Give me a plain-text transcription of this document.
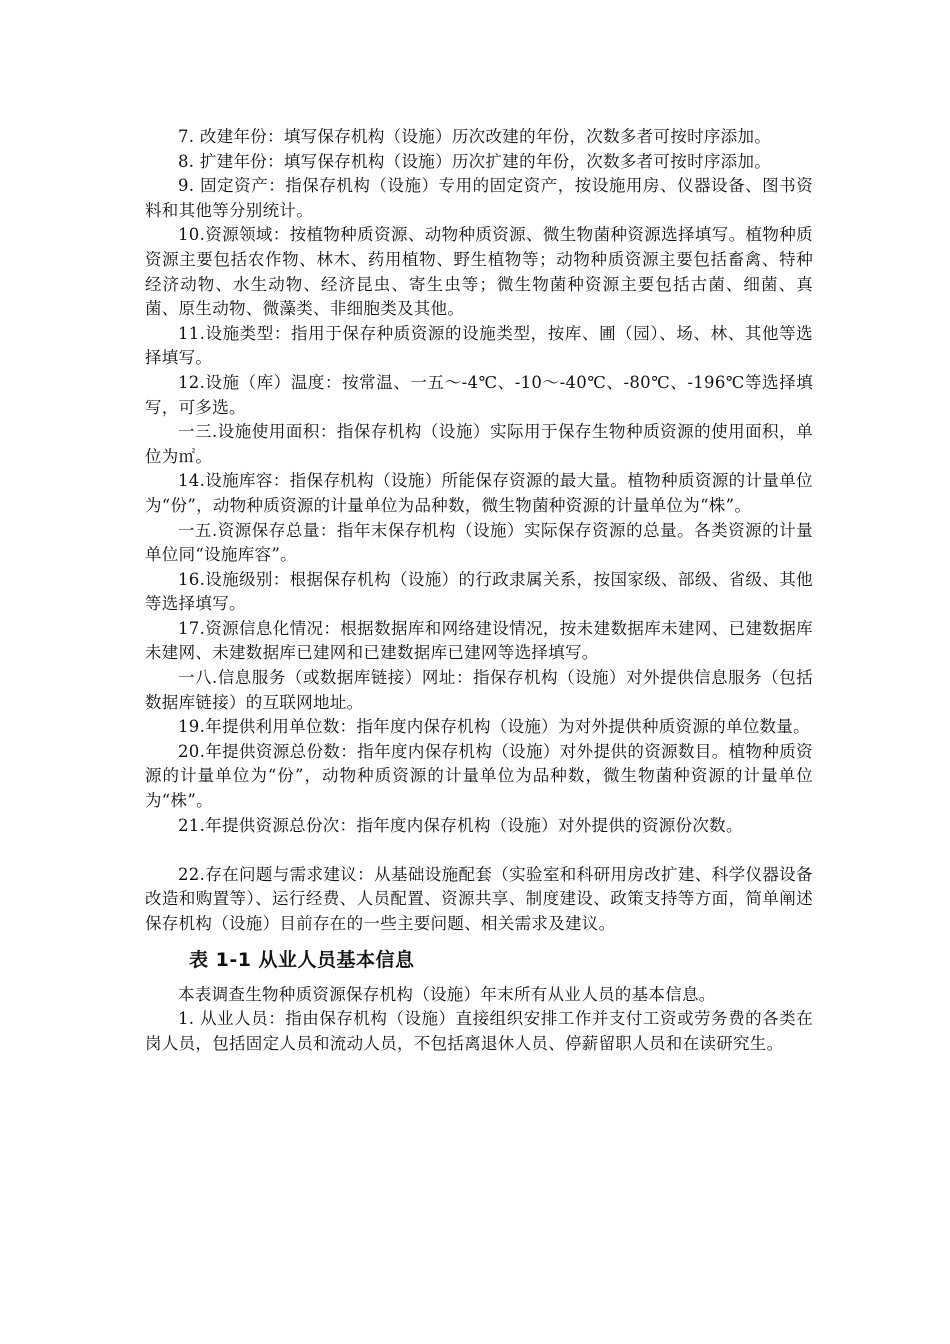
7. 改建年份：填写保存机构（设施）历次改建的年份，次数多者可按时序添加。

8. 扩建年份：填写保存机构（设施）历次扩建的年份，次数多者可按时序添加。

9. 固定资产：指保存机构（设施）专用的固定资产，按设施用房、仪器设备、图书资料和其他等分别统计。

10.资源领域：按植物种质资源、动物种质资源、微生物菌种资源选择填写。植物种质资源主要包括农作物、林木、药用植物、野生植物等；动物种质资源主要包括畜禽、特种经济动物、水生动物、经济昆虫、寄生虫等；微生物菌种资源主要包括古菌、细菌、真菌、原生动物、微藻类、非细胞类及其他。

11.设施类型：指用于保存种质资源的设施类型，按库、圃（园）、场、林、其他等选择填写。

12.设施（库）温度：按常温、一五～-4℃、-10～-40℃、-80℃、-196℃等选择填写，可多选。

一三.设施使用面积：指保存机构（设施）实际用于保存生物种质资源的使用面积，单位为㎡。

14.设施库容：指保存机构（设施）所能保存资源的最大量。植物种质资源的计量单位为“份”，动物种质资源的计量单位为品种数，微生物菌种资源的计量单位为“株”。

一五.资源保存总量：指年末保存机构（设施）实际保存资源的总量。各类资源的计量单位同“设施库容”。

16.设施级别：根据保存机构（设施）的行政隶属关系，按国家级、部级、省级、其他等选择填写。

17.资源信息化情况：根据数据库和网络建设情况，按未建数据库未建网、已建数据库未建网、未建数据库已建网和已建数据库已建网等选择填写。

一八.信息服务（或数据库链接）网址：指保存机构（设施）对外提供信息服务（包括数据库链接）的互联网地址。

19.年提供利用单位数：指年度内保存机构（设施）为对外提供种质资源的单位数量。

20.年提供资源总份数：指年度内保存机构（设施）对外提供的资源数目。植物种质资源的计量单位为“份”，动物种质资源的计量单位为品种数，微生物菌种资源的计量单位为“株”。

21.年提供资源总份次：指年度内保存机构（设施）对外提供的资源份次数。

22.存在问题与需求建议：从基础设施配套（实验室和科研用房改扩建、科学仪器设备改造和购置等）、运行经费、人员配置、资源共享、制度建设、政策支持等方面，简单阐述保存机构（设施）目前存在的一些主要问题、相关需求及建议。

表 1-1 从业人员基本信息

本表调查生物种质资源保存机构（设施）年末所有从业人员的基本信息。

1. 从业人员：指由保存机构（设施）直接组织安排工作并支付工资或劳务费的各类在岗人员，包括固定人员和流动人员，不包括离退休人员、停薪留职人员和在读研究生。
